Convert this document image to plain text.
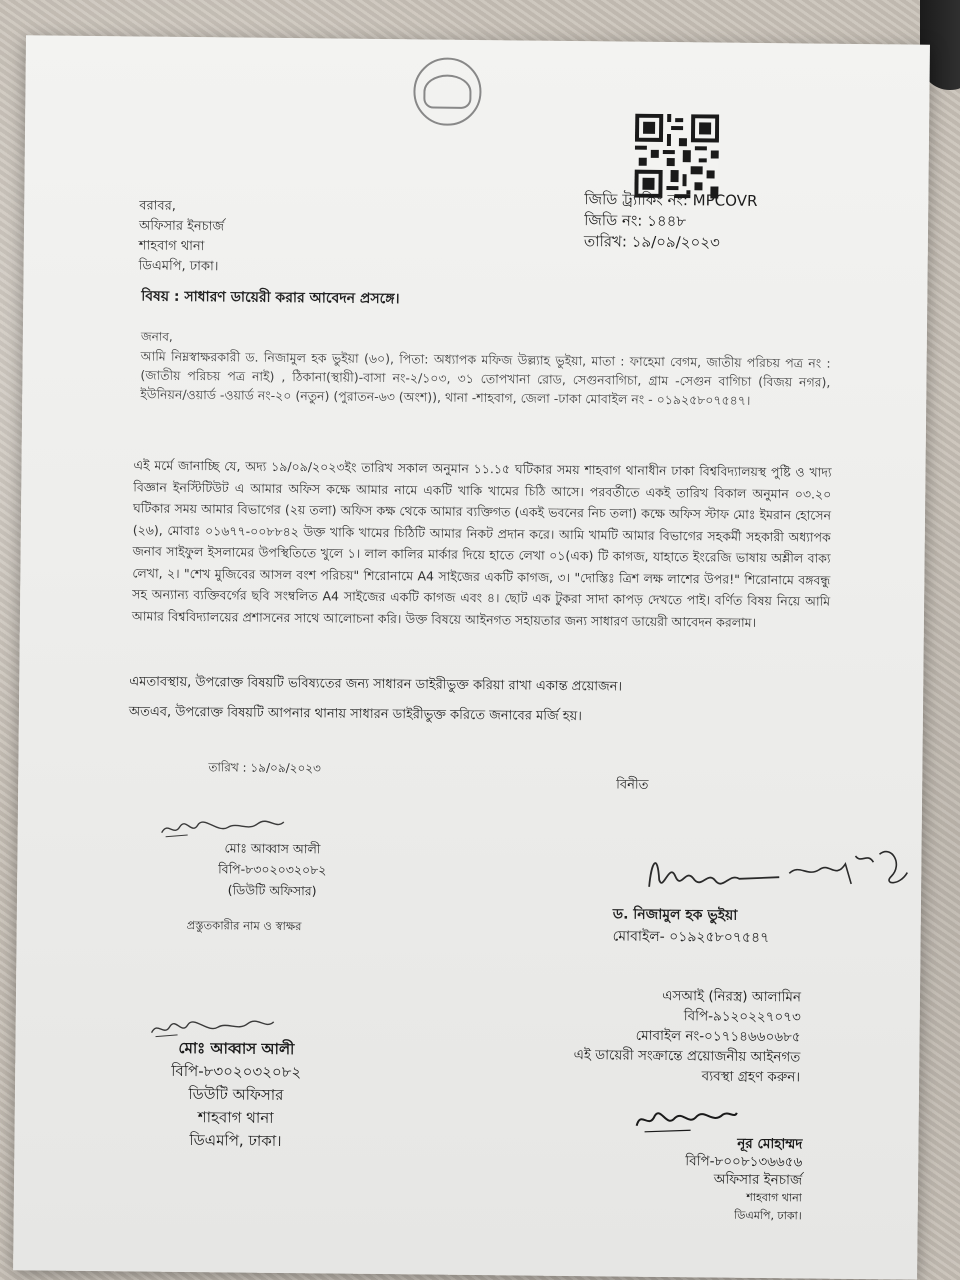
জিডি ট্র্যাকিং নং: MPCOVR
জিডি নং: ১৪৪৮
তারিখ: ১৯/০৯/২০২৩
বরাবর,
অফিসার ইনচার্জ
শাহবাগ থানা
ডিএমপি, ঢাকা।
বিষয় : সাধারণ ডায়েরী করার আবেদন প্রসঙ্গে।
জনাব,
আমি নিম্নস্বাক্ষরকারী ড. নিজামুল হক ভুইয়া (৬০), পিতা: অধ্যাপক মফিজ উল্ল্যাহ ভুইয়া, মাতা : ফাহেমা বেগম, জাতীয় পরিচয় পত্র নং : (জাতীয় পরিচয় পত্র নাই) , ঠিকানা(স্থায়ী)-বাসা নং-২/১০৩, ৩১ তোপখানা রোড, সেগুনবাগিচা, গ্রাম -সেগুন বাগিচা (বিজয় নগর), ইউনিয়ন/ওয়ার্ড -ওয়ার্ড নং-২০ (নতুন) (পুরাতন-৬৩ (অংশ)), থানা -শাহবাগ, জেলা -ঢাকা মোবাইল নং - ০১৯২৫৮০৭৫৪৭।
এই মর্মে জানাচ্ছি যে, অদ্য ১৯/০৯/২০২৩ইং তারিখ সকাল অনুমান ১১.১৫ ঘটিকার সময় শাহবাগ থানাধীন ঢাকা বিশ্ববিদ্যালয়স্থ পুষ্টি ও খাদ্য বিজ্ঞান ইনস্টিটিউট এ আমার অফিস কক্ষে আমার নামে একটি খাকি খামের চিঠি আসে। পরবর্তীতে একই তারিখ বিকাল অনুমান ০৩.২০ ঘটিকার সময় আমার বিভাগের (২য় তলা) অফিস কক্ষ থেকে আমার ব্যক্তিগত (একই ভবনের নিচ তলা) কক্ষে অফিস স্টাফ মোঃ ইমরান হোসেন (২৬), মোবাঃ ০১৬৭৭-০০৮৮৪২ উক্ত খাকি খামের চিঠিটি আমার নিকট প্রদান করে। আমি খামটি আমার বিভাগের সহকর্মী সহকারী অধ্যাপক জনাব সাইফুল ইসলামের উপস্থিতিতে খুলে ১। লাল কালির মার্কার দিয়ে হাতে লেখা ০১(এক) টি কাগজ, যাহাতে ইংরেজি ভাষায় অশ্লীল বাক্য লেখা, ২। "শেখ মুজিবের আসল বংশ পরিচয়" শিরোনামে A4 সাইজের একটি কাগজ, ৩। "দোস্তিঃ ত্রিশ লক্ষ লাশের উপর!" শিরোনামে বঙ্গবন্ধু সহ অন্যান্য ব্যক্তিবর্গের ছবি সংম্বলিত A4 সাইজের একটি কাগজ এবং ৪। ছোট এক টুকরা সাদা কাপড় দেখতে পাই। বর্ণিত বিষয় নিয়ে আমি আমার বিশ্ববিদ্যালয়ের প্রশাসনের সাথে আলোচনা করি। উক্ত বিষয়ে আইনগত সহায়তার জন্য সাধারণ ডায়েরী আবেদন করলাম।
এমতাবস্থায়, উপরোক্ত বিষয়টি ভবিষ্যতের জন্য সাধারন ডাইরীভুক্ত করিয়া রাখা একান্ত প্রয়োজন।
অতএব, উপরোক্ত বিষয়টি আপনার থানায় সাধারন ডাইরীভুক্ত করিতে জনাবের মর্জি হয়।
তারিখ : ১৯/০৯/২০২৩
বিনীত
মোঃ আব্বাস আলী
বিপি-৮৩০২০৩২০৮২
(ডিউটি অফিসার)
প্রস্তুতকারীর নাম ও স্বাক্ষর
ড. নিজামুল হক ভুইয়া
মোবাইল- ০১৯২৫৮০৭৫৪৭
এসআই (নিরস্ত্র) আলামিন
বিপি-৯১২০২২৭০৭৩
মোবাইল নং-০১৭১৪৬৬০৬৮৫
এই ডায়েরী সংক্রান্তে প্রয়োজনীয় আইনগত
ব্যবস্থা গ্রহণ করুন।
মোঃ আব্বাস আলী
বিপি-৮৩০২০৩২০৮২
ডিউটি অফিসার
শাহবাগ থানা
ডিএমপি, ঢাকা।	নূর মোহাম্মদ
বিপি-৮০০৮১৩৬৬৫৬
অফিসার ইনচার্জ
শাহবাগ থানা
ডিএমপি, ঢাকা।
